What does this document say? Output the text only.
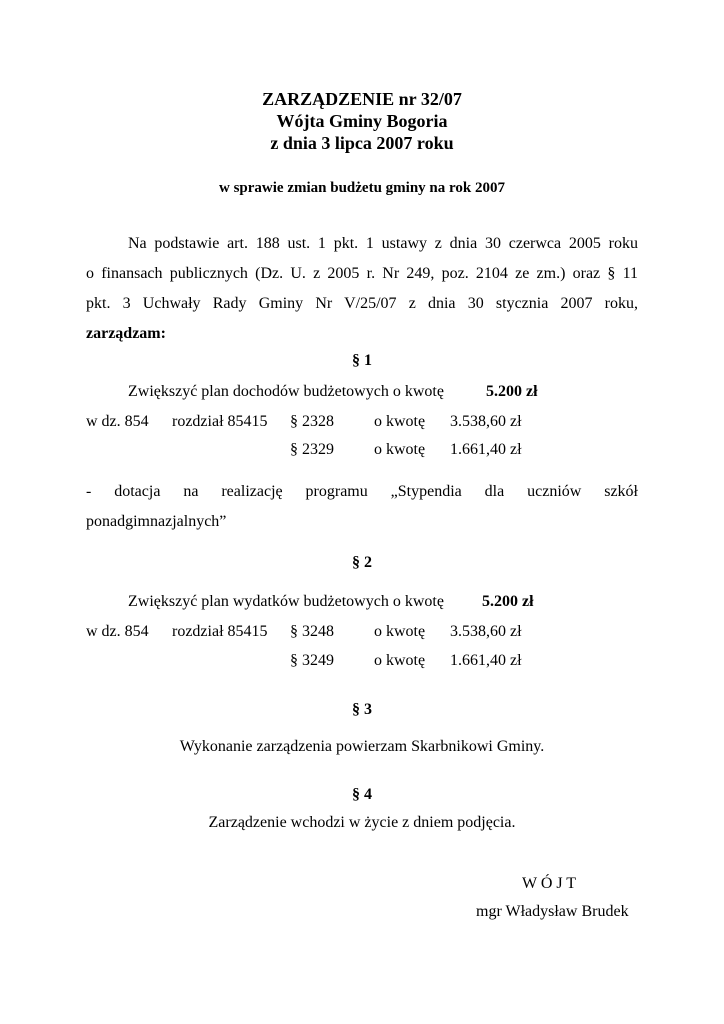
ZARZĄDZENIE nr 32/07
Wójta Gminy Bogoria
z dnia 3 lipca 2007 roku
w sprawie zmian budżetu gminy na rok 2007
Na podstawie art. 188 ust. 1 pkt. 1 ustawy z dnia 30 czerwca 2005 roku
o finansach publicznych (Dz. U. z 2005 r. Nr 249, poz. 2104 ze zm.) oraz § 11
pkt. 3 Uchwały Rady Gminy Nr V/25/07 z dnia 30 stycznia 2007 roku,
zarządzam:
§ 1
Zwiększyć plan dochodów budżetowych o kwotę	5.200 zł
w dz. 854 rozdział 85415 § 2328	o kwotę 3.538,60 zł
§ 2329	o kwotę 1.661,40 zł
- dotacja na realizację programu „Stypendia dla uczniów szkół
ponadgimnazjalnych”
§ 2
Zwiększyć plan wydatków budżetowych o kwotę 5.200 zł
w dz. 854 rozdział 85415 § 3248	o kwotę 3.538,60 zł
§ 3249	o kwotę 1.661,40 zł
§ 3
Wykonanie zarządzenia powierzam Skarbnikowi Gminy.
§ 4
Zarządzenie wchodzi w życie z dniem podjęcia.
W Ó J T
mgr Władysław Brudek
